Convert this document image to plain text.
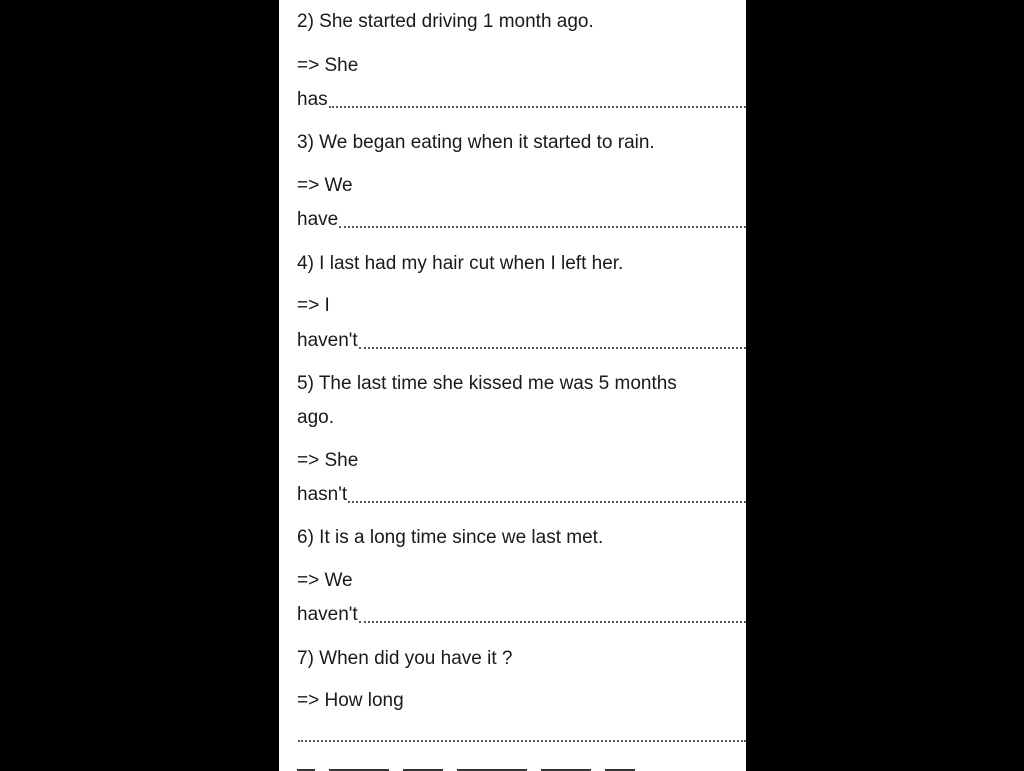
2) She started driving 1 month ago.
=> She
has
3) We began eating when it started to rain.
=> We
have
4) I last had my hair cut when I left her.
=> I
haven't
5) The last time she kissed me was 5 months
ago.
=> She
hasn't
6) It is a long time since we last met.
=> We
haven't
7) When did you have it ?
=> How long
